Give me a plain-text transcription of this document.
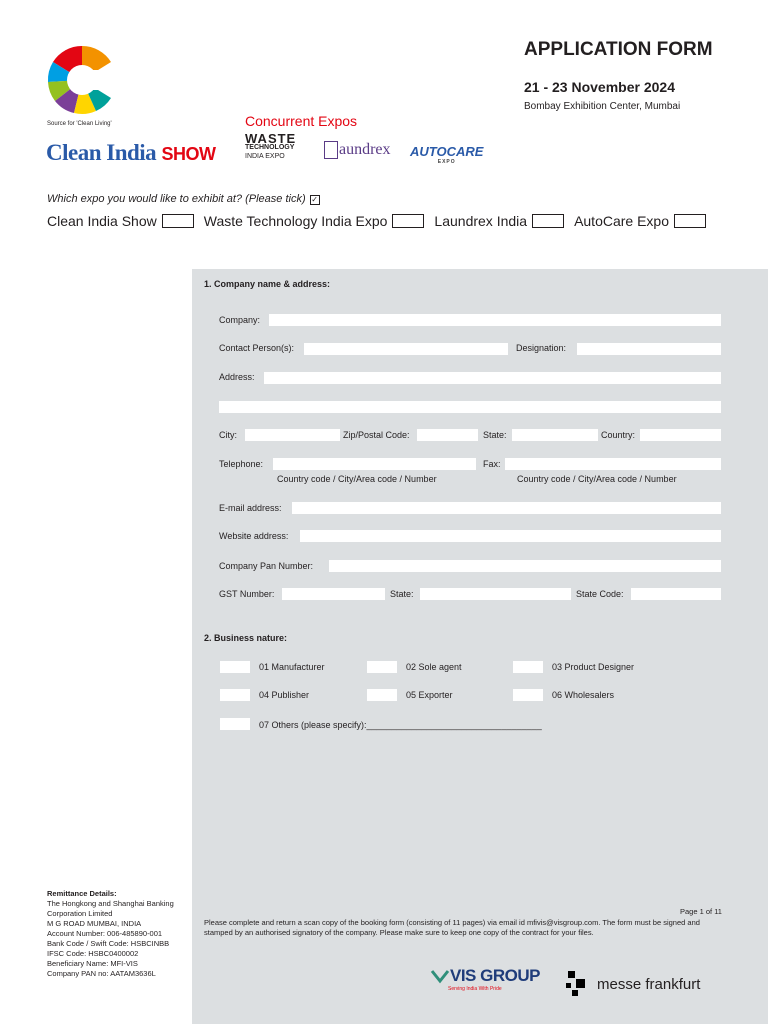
Source for 'Clean Living'
Clean India SHOW
Concurrent Expos
WASTE
TECHNOLOGY
INDIA EXPO	aundrex AUTOCARE
EXPO
APPLICATION FORM
21 - 23 November 2024
Bombay Exhibition Center, Mumbai
Which expo you would like to exhibit at? (Please tick) ✓
Clean India Show	Waste Technology India Expo	Laundrex India	AutoCare Expo
1. Company name & address:
Company:
Contact Person(s):	Designation:
Address:
City:	Zip/Postal Code:	State:	Country:
Telephone:	Fax:
Country code / City/Area code / Number	Country code / City/Area code / Number
E-mail address:
Website address:
Company Pan Number:
GST Number:	State:	State Code:
2. Business nature:
01 Manufacturer	02 Sole agent	03 Product Designer
04 Publisher	05 Exporter	06 Wholesalers
07 Others (please specify):___________________________________
Remittance Details:
The Hongkong and Shanghai Banking
Corporation Limited
M G ROAD MUMBAI, INDIA
Account Number: 006-485890-001
Bank Code / Swift Code: HSBCINBB
IFSC Code: HSBC0400002
Beneficiary Name: MFI-VIS
Company PAN no: AATAM3636L
Page 1 of 11
Please complete and return a scan copy of the booking form (consisting of 11 pages) via email id mfivis@visgroup.com. The form must be signed and stamped by an authorised signatory of the company. Please make sure to keep one copy of the contract for your files.
VIS GROUP
Serving India With Pride	messe frankfurt
